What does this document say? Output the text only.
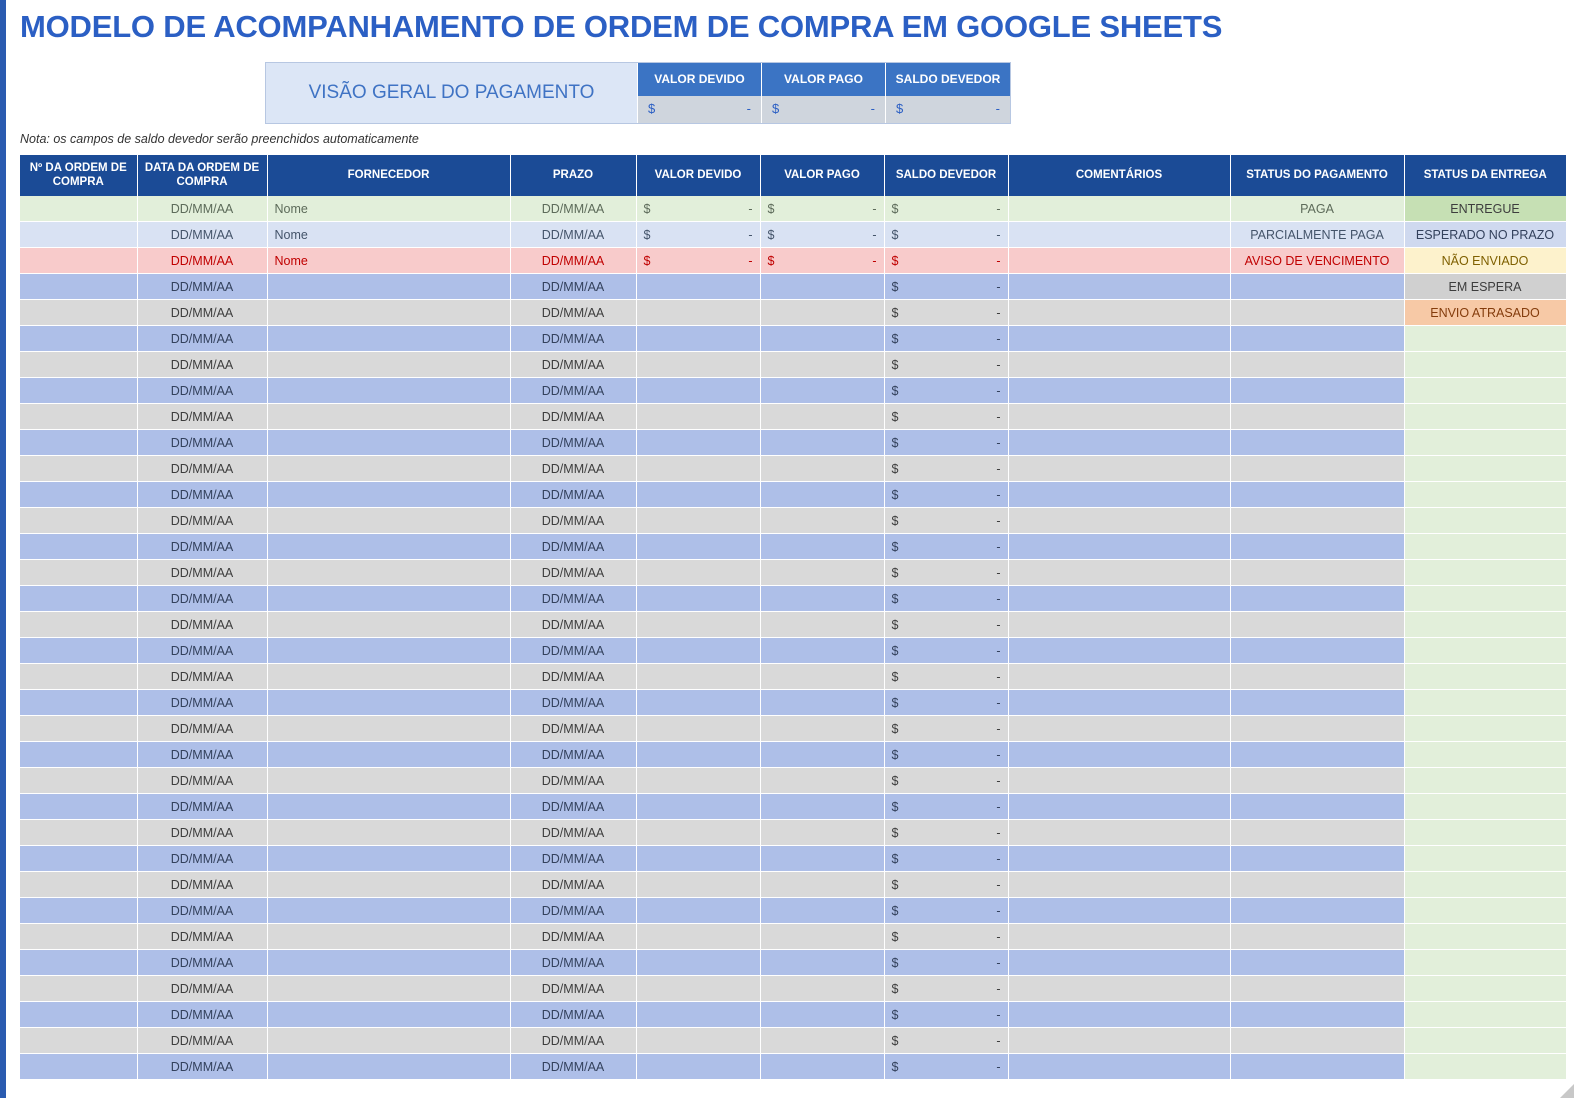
MODELO DE ACOMPANHAMENTO DE ORDEM DE COMPRA EM GOOGLE SHEETS
VISÃO GERAL DO PAGAMENTO
VALOR DEVIDO
$	-
VALOR PAGO
$	-
SALDO DEVEDOR
$	-
Nota: os campos de saldo devedor serão preenchidos automaticamente
Nº DA ORDEM DE COMPRA	DATA DA ORDEM DE COMPRA	FORNECEDOR	PRAZO	VALOR DEVIDO	VALOR PAGO	SALDO DEVEDOR	COMENTÁRIOS	STATUS DO PAGAMENTO	STATUS DA ENTREGA
	DD/MM/AA	Nome	DD/MM/AA	$ -	$ -	$ -		PAGA	ENTREGUE
	DD/MM/AA	Nome	DD/MM/AA	$ -	$ -	$ -		PARCIALMENTE PAGA	ESPERADO NO PRAZO
	DD/MM/AA	Nome	DD/MM/AA	$ -	$ -	$ -		AVISO DE VENCIMENTO	NÃO ENVIADO
	DD/MM/AA		DD/MM/AA			$ -			EM ESPERA
	DD/MM/AA		DD/MM/AA			$ -			ENVIO ATRASADO
	DD/MM/AA		DD/MM/AA			$ -			

	DD/MM/AA		DD/MM/AA			$ -			

	DD/MM/AA		DD/MM/AA			$ -			

	DD/MM/AA		DD/MM/AA			$ -			

	DD/MM/AA		DD/MM/AA			$ -			

	DD/MM/AA		DD/MM/AA			$ -			

	DD/MM/AA		DD/MM/AA			$ -			

	DD/MM/AA		DD/MM/AA			$ -			

	DD/MM/AA		DD/MM/AA			$ -			

	DD/MM/AA		DD/MM/AA			$ -			

	DD/MM/AA		DD/MM/AA			$ -			

	DD/MM/AA		DD/MM/AA			$ -			

	DD/MM/AA		DD/MM/AA			$ -			

	DD/MM/AA		DD/MM/AA			$ -			

	DD/MM/AA		DD/MM/AA			$ -			

	DD/MM/AA		DD/MM/AA			$ -			

	DD/MM/AA		DD/MM/AA			$ -			

	DD/MM/AA		DD/MM/AA			$ -			

	DD/MM/AA		DD/MM/AA			$ -			

	DD/MM/AA		DD/MM/AA			$ -			

	DD/MM/AA		DD/MM/AA			$ -			

	DD/MM/AA		DD/MM/AA			$ -			

	DD/MM/AA		DD/MM/AA			$ -			

	DD/MM/AA		DD/MM/AA			$ -			

	DD/MM/AA		DD/MM/AA			$ -			

	DD/MM/AA		DD/MM/AA			$ -			

	DD/MM/AA		DD/MM/AA			$ -			

	DD/MM/AA		DD/MM/AA			$ -			

	DD/MM/AA		DD/MM/AA			$ -			
